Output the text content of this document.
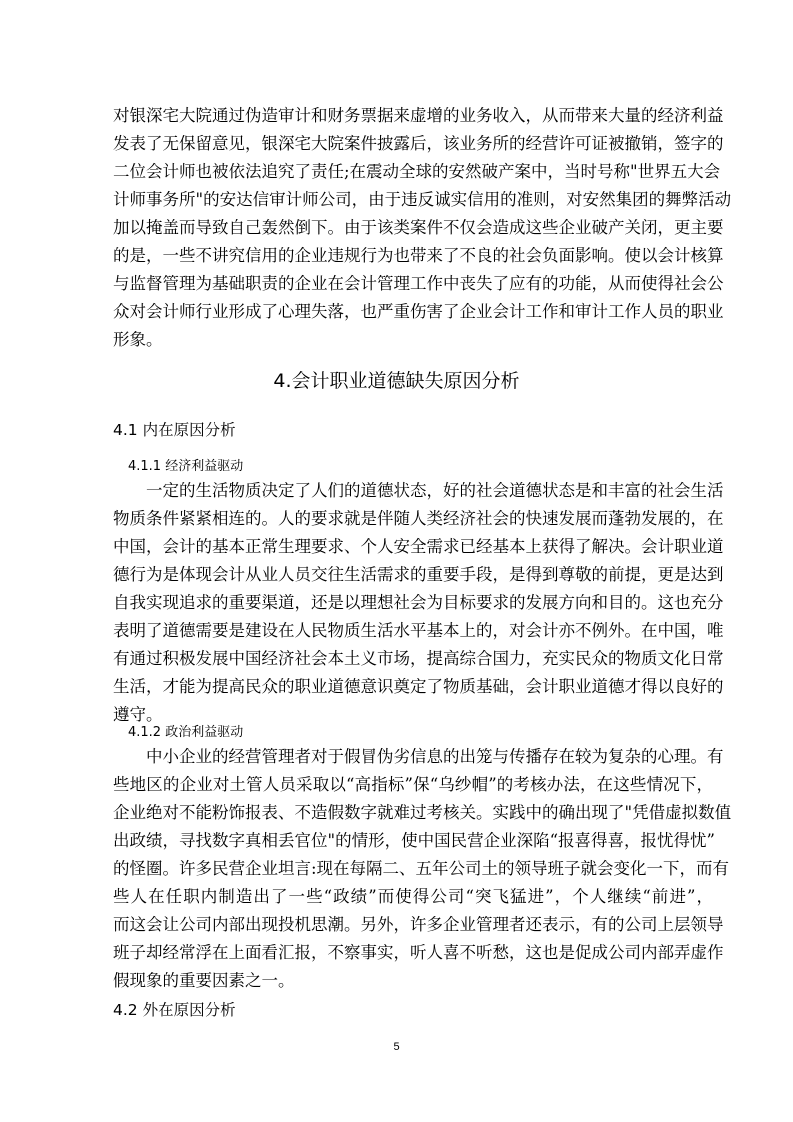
对银深宅大院通过伪造审计和财务票据来虚增的业务收入，从而带来大量的经济利益
发表了无保留意见，银深宅大院案件披露后，该业务所的经营许可证被撤销，签字的
二位会计师也被依法追究了责任;在震动全球的安然破产案中，当时号称"世界五大会
计师事务所"的安达信审计师公司，由于违反诚实信用的准则，对安然集团的舞弊活动
加以掩盖而导致自己轰然倒下。由于该类案件不仅会造成这些企业破产关闭，更主要
的是，一些不讲究信用的企业违规行为也带来了不良的社会负面影响。使以会计核算
与监督管理为基础职责的企业在会计管理工作中丧失了应有的功能，从而使得社会公
众对会计师行业形成了心理失落，也严重伤害了企业会计工作和审计工作人员的职业
形象。
4.会计职业道德缺失原因分析
4.1 内在原因分析
4.1.1 经济利益驱动
一定的生活物质决定了人们的道德状态，好的社会道德状态是和丰富的社会生活
物质条件紧紧相连的。人的要求就是伴随人类经济社会的快速发展而蓬勃发展的，在
中国，会计的基本正常生理要求、个人安全需求已经基本上获得了解决。会计职业道
德行为是体现会计从业人员交往生活需求的重要手段，是得到尊敬的前提，更是达到
自我实现追求的重要渠道，还是以理想社会为目标要求的发展方向和目的。这也充分
表明了道德需要是建设在人民物质生活水平基本上的，对会计亦不例外。在中国，唯
有通过积极发展中国经济社会本土义市场，提高综合国力，充实民众的物质文化日常
生活，才能为提高民众的职业道德意识奠定了物质基础，会计职业道德才得以良好的
遵守。
4.1.2 政治利益驱动
中小企业的经营管理者对于假冒伪劣信息的出笼与传播存在较为复杂的心理。有
些地区的企业对土管人员采取以“高指标”保“乌纱帽”的考核办法，在这些情况下，
企业绝对不能粉饰报表、不造假数字就难过考核关。实践中的确出现了"凭借虚拟数值
出政绩，寻找数字真相丢官位"的情形，使中国民营企业深陷“报喜得喜，报忧得忧”
的怪圈。许多民营企业坦言:现在每隔二、五年公司土的领导班子就会变化一下，而有
些人在任职内制造出了一些“政绩”而使得公司“突飞猛进”，个人继续“前进”，
而这会让公司内部出现投机思潮。另外，许多企业管理者还表示，有的公司上层领导
班子却经常浮在上面看汇报，不察事实，听人喜不听愁，这也是促成公司内部弄虚作
假现象的重要因素之一。
4.2 外在原因分析
5
